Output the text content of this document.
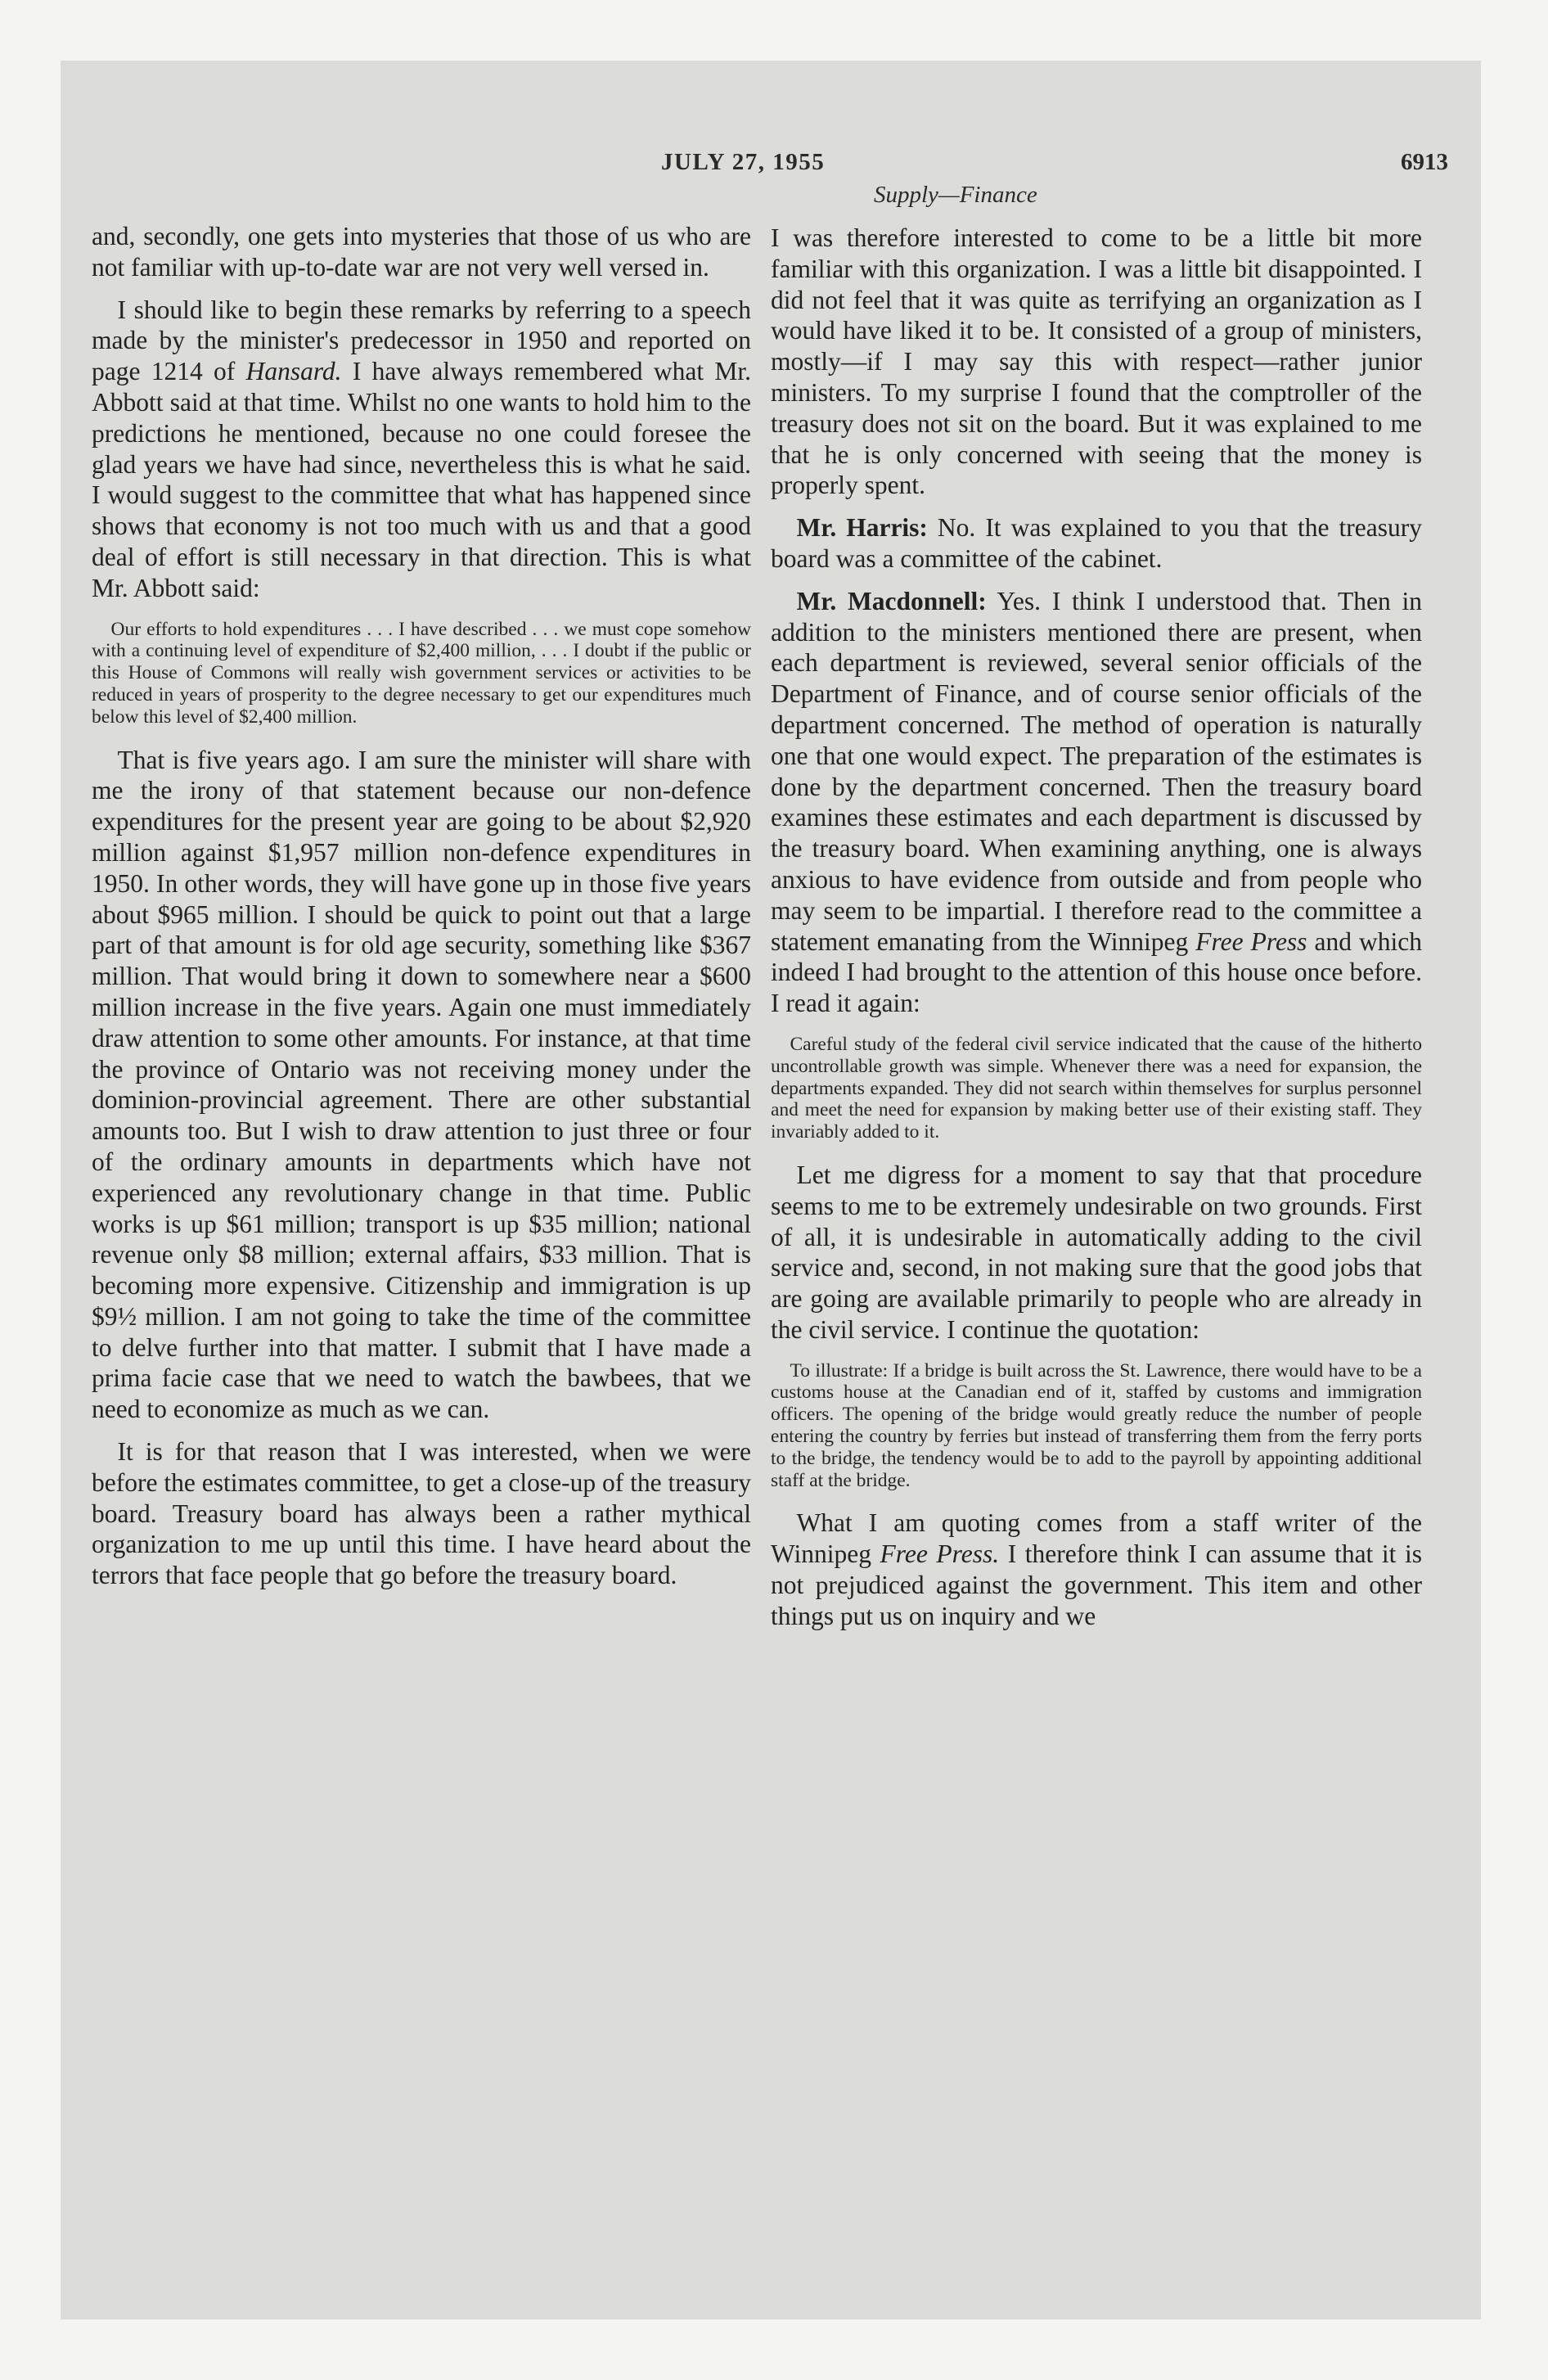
JULY 27, 1955	6913
Supply—Finance

and, secondly, one gets into mysteries that those of us who are not familiar with up-to-date war are not very well versed in.

I should like to begin these remarks by referring to a speech made by the minister's predecessor in 1950 and reported on page 1214 of Hansard. I have always remembered what Mr. Abbott said at that time. Whilst no one wants to hold him to the predictions he mentioned, because no one could foresee the glad years we have had since, nevertheless this is what he said. I would suggest to the committee that what has happened since shows that economy is not too much with us and that a good deal of effort is still necessary in that direction. This is what Mr. Abbott said:

Our efforts to hold expenditures . . . I have described . . . we must cope somehow with a continuing level of expenditure of $2,400 million, . . . I doubt if the public or this House of Commons will really wish government services or activities to be reduced in years of prosperity to the degree necessary to get our expenditures much below this level of $2,400 million.

That is five years ago. I am sure the minister will share with me the irony of that statement because our non-defence expenditures for the present year are going to be about $2,920 million against $1,957 million non-defence expenditures in 1950. In other words, they will have gone up in those five years about $965 million. I should be quick to point out that a large part of that amount is for old age security, something like $367 million. That would bring it down to somewhere near a $600 million increase in the five years. Again one must immediately draw attention to some other amounts. For instance, at that time the province of Ontario was not receiving money under the dominion-provincial agreement. There are other substantial amounts too. But I wish to draw attention to just three or four of the ordinary amounts in departments which have not experienced any revolutionary change in that time. Public works is up $61 million; transport is up $35 million; national revenue only $8 million; external affairs, $33 million. That is becoming more expensive. Citizenship and immigration is up $9½ million. I am not going to take the time of the committee to delve further into that matter. I submit that I have made a prima facie case that we need to watch the bawbees, that we need to economize as much as we can.

It is for that reason that I was interested, when we were before the estimates committee, to get a close-up of the treasury board. Treasury board has always been a rather mythical organization to me up until this time. I have heard about the terrors that face people that go before the treasury board.

I was therefore interested to come to be a little bit more familiar with this organization. I was a little bit disappointed. I did not feel that it was quite as terrifying an organization as I would have liked it to be. It consisted of a group of ministers, mostly—if I may say this with respect—rather junior ministers. To my surprise I found that the comptroller of the treasury does not sit on the board. But it was explained to me that he is only concerned with seeing that the money is properly spent.

Mr. Harris: No. It was explained to you that the treasury board was a committee of the cabinet.

Mr. Macdonnell: Yes. I think I understood that. Then in addition to the ministers mentioned there are present, when each department is reviewed, several senior officials of the Department of Finance, and of course senior officials of the department concerned. The method of operation is naturally one that one would expect. The preparation of the estimates is done by the department concerned. Then the treasury board examines these estimates and each department is discussed by the treasury board. When examining anything, one is always anxious to have evidence from outside and from people who may seem to be impartial. I therefore read to the committee a statement emanating from the Winnipeg Free Press and which indeed I had brought to the attention of this house once before. I read it again:

Careful study of the federal civil service indicated that the cause of the hitherto uncontrollable growth was simple. Whenever there was a need for expansion, the departments expanded. They did not search within themselves for surplus personnel and meet the need for expansion by making better use of their existing staff. They invariably added to it.

Let me digress for a moment to say that that procedure seems to me to be extremely undesirable on two grounds. First of all, it is undesirable in automatically adding to the civil service and, second, in not making sure that the good jobs that are going are available primarily to people who are already in the civil service. I continue the quotation:

To illustrate: If a bridge is built across the St. Lawrence, there would have to be a customs house at the Canadian end of it, staffed by customs and immigration officers. The opening of the bridge would greatly reduce the number of people entering the country by ferries but instead of transferring them from the ferry ports to the bridge, the tendency would be to add to the payroll by appointing additional staff at the bridge.

What I am quoting comes from a staff writer of the Winnipeg Free Press. I therefore think I can assume that it is not prejudiced against the government. This item and other things put us on inquiry and we
